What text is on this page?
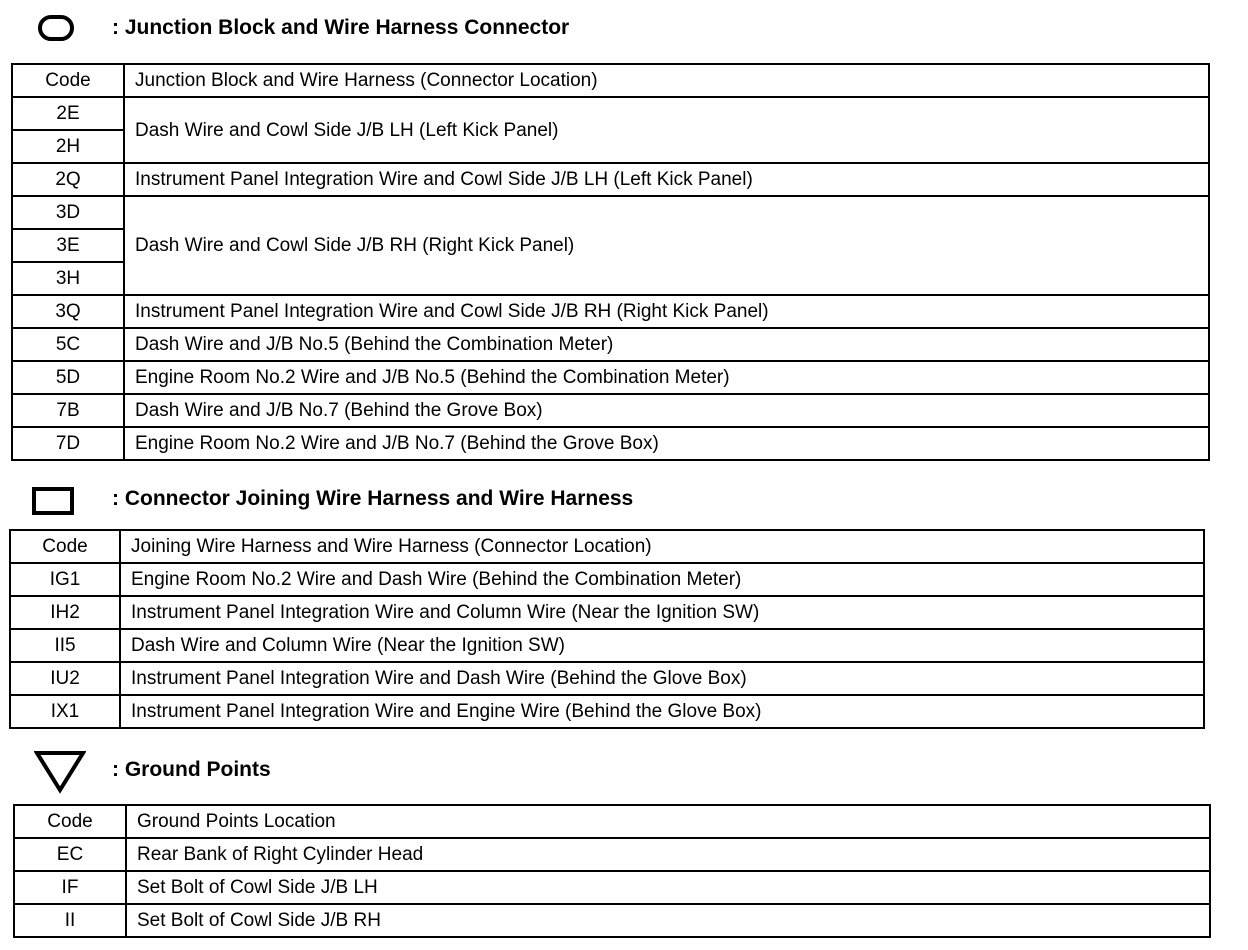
: Junction Block and Wire Harness Connector
Code	Junction Block and Wire Harness (Connector Location)
2E	Dash Wire and Cowl Side J/B LH (Left Kick Panel)
2H	
2Q	Instrument Panel Integration Wire and Cowl Side J/B LH (Left Kick Panel)
3D	Dash Wire and Cowl Side J/B RH (Right Kick Panel)
3E	
3H	
3Q	Instrument Panel Integration Wire and Cowl Side J/B RH (Right Kick Panel)
5C	Dash Wire and J/B No.5 (Behind the Combination Meter)
5D	Engine Room No.2 Wire and J/B No.5 (Behind the Combination Meter)
7B	Dash Wire and J/B No.7 (Behind the Grove Box)
7D	Engine Room No.2 Wire and J/B No.7 (Behind the Grove Box)
: Connector Joining Wire Harness and Wire Harness
Code	Joining Wire Harness and Wire Harness (Connector Location)
IG1	Engine Room No.2 Wire and Dash Wire (Behind the Combination Meter)
IH2	Instrument Panel Integration Wire and Column Wire (Near the Ignition SW)
II5	Dash Wire and Column Wire (Near the Ignition SW)
IU2	Instrument Panel Integration Wire and Dash Wire (Behind the Glove Box)
IX1	Instrument Panel Integration Wire and Engine Wire (Behind the Glove Box)
: Ground Points
Code	Ground Points Location
EC	Rear Bank of Right Cylinder Head
IF	Set Bolt of Cowl Side J/B LH
II	Set Bolt of Cowl Side J/B RH
